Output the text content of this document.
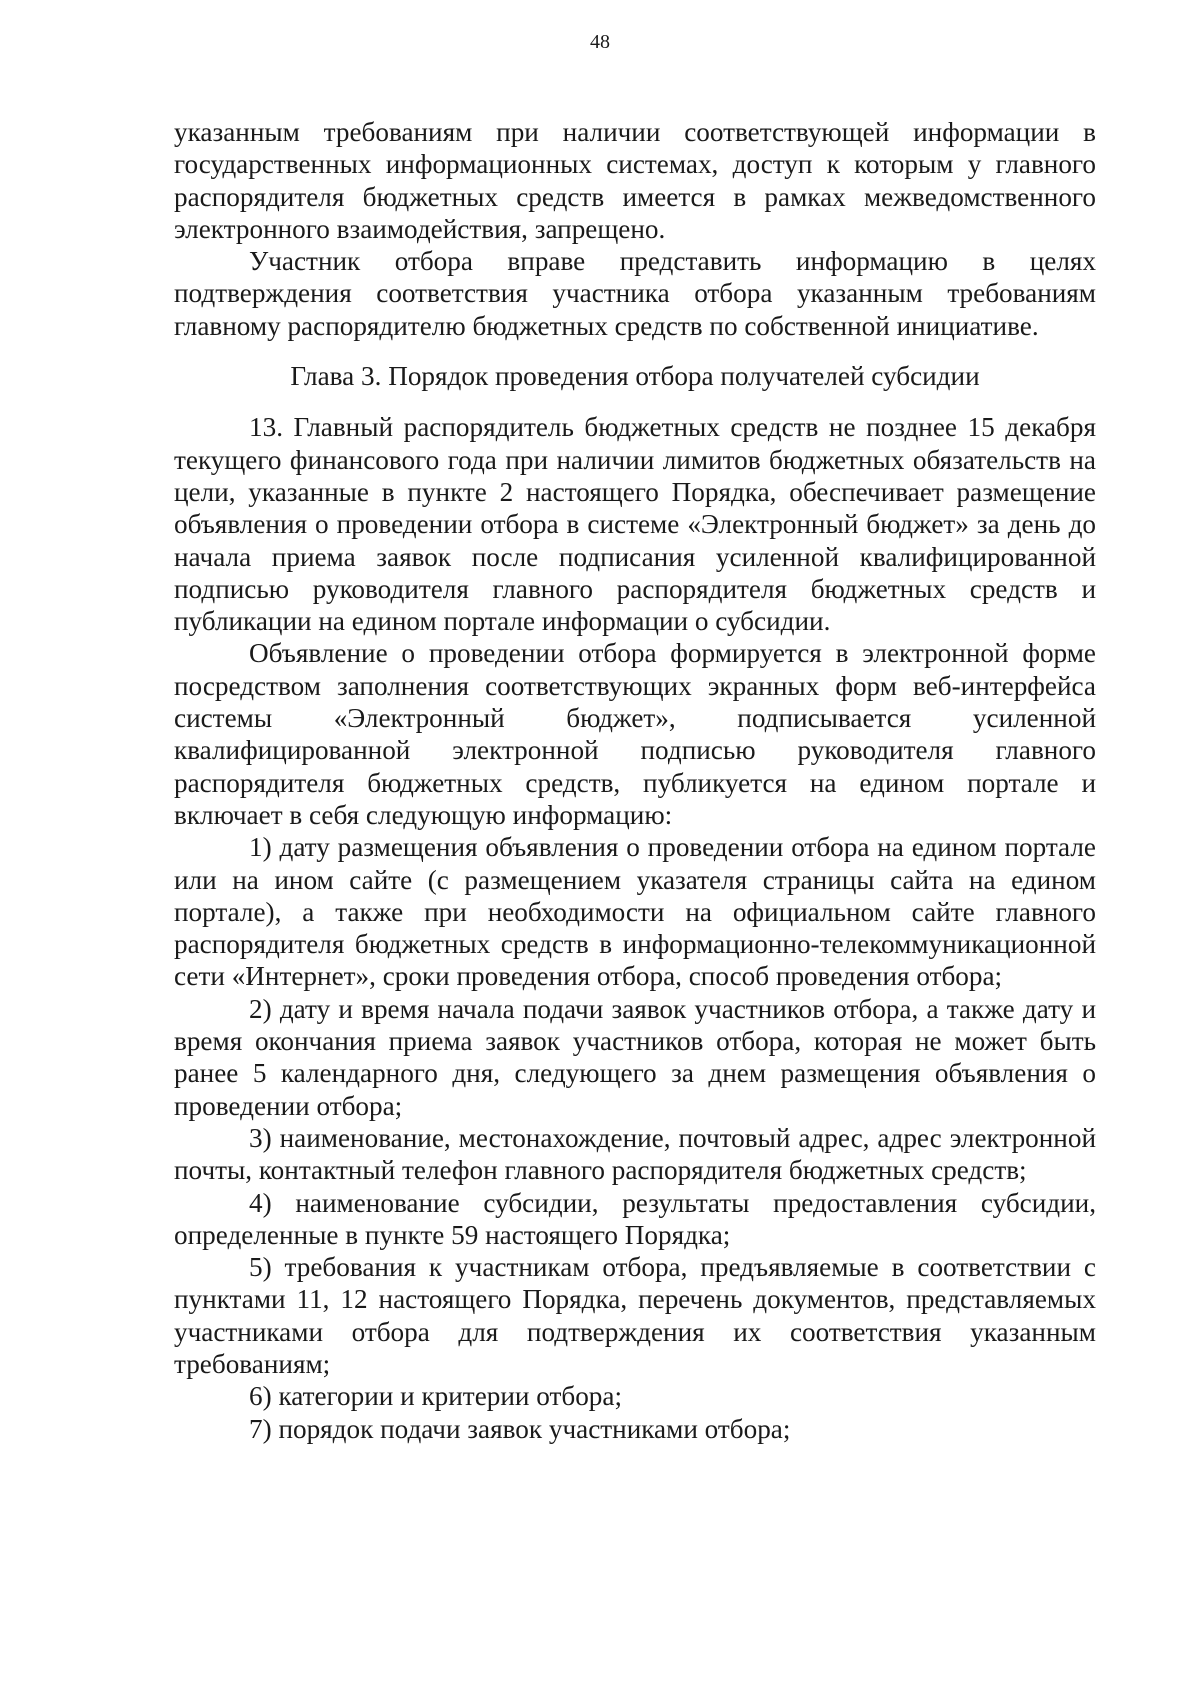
48

указанным требованиям при наличии соответствующей информации в государственных информационных системах, доступ к которым у главного распорядителя бюджетных средств имеется в рамках межведомственного электронного взаимодействия, запрещено.

Участник отбора вправе представить информацию в целях подтверждения соответствия участника отбора указанным требованиям главному распорядителю бюджетных средств по собственной инициативе.

Глава 3. Порядок проведения отбора получателей субсидии

13. Главный распорядитель бюджетных средств не позднее 15 декабря текущего финансового года при наличии лимитов бюджетных обязательств на цели, указанные в пункте 2 настоящего Порядка, обеспечивает размещение объявления о проведении отбора в системе «Электронный бюджет» за день до начала приема заявок после подписания усиленной квалифицированной подписью руководителя главного распорядителя бюджетных средств и публикации на едином портале информации о субсидии.

Объявление о проведении отбора формируется в электронной форме посредством заполнения соответствующих экранных форм веб-интерфейса системы «Электронный бюджет», подписывается усиленной квалифицированной электронной подписью руководителя главного распорядителя бюджетных средств, публикуется на едином портале и включает в себя следующую информацию:

1) дату размещения объявления о проведении отбора на едином портале или на ином сайте (с размещением указателя страницы сайта на едином портале), а также при необходимости на официальном сайте главного распорядителя бюджетных средств в информационно-телекоммуникационной сети «Интернет», сроки проведения отбора, способ проведения отбора;

2) дату и время начала подачи заявок участников отбора, а также дату и время окончания приема заявок участников отбора, которая не может быть ранее 5 календарного дня, следующего за днем размещения объявления о проведении отбора;

3) наименование, местонахождение, почтовый адрес, адрес электронной почты, контактный телефон главного распорядителя бюджетных средств;

4) наименование субсидии, результаты предоставления субсидии, определенные в пункте 59 настоящего Порядка;

5) требования к участникам отбора, предъявляемые в соответствии с пунктами 11, 12 настоящего Порядка, перечень документов, представляемых участниками отбора для подтверждения их соответствия указанным требованиям;

6) категории и критерии отбора;

7) порядок подачи заявок участниками отбора;
